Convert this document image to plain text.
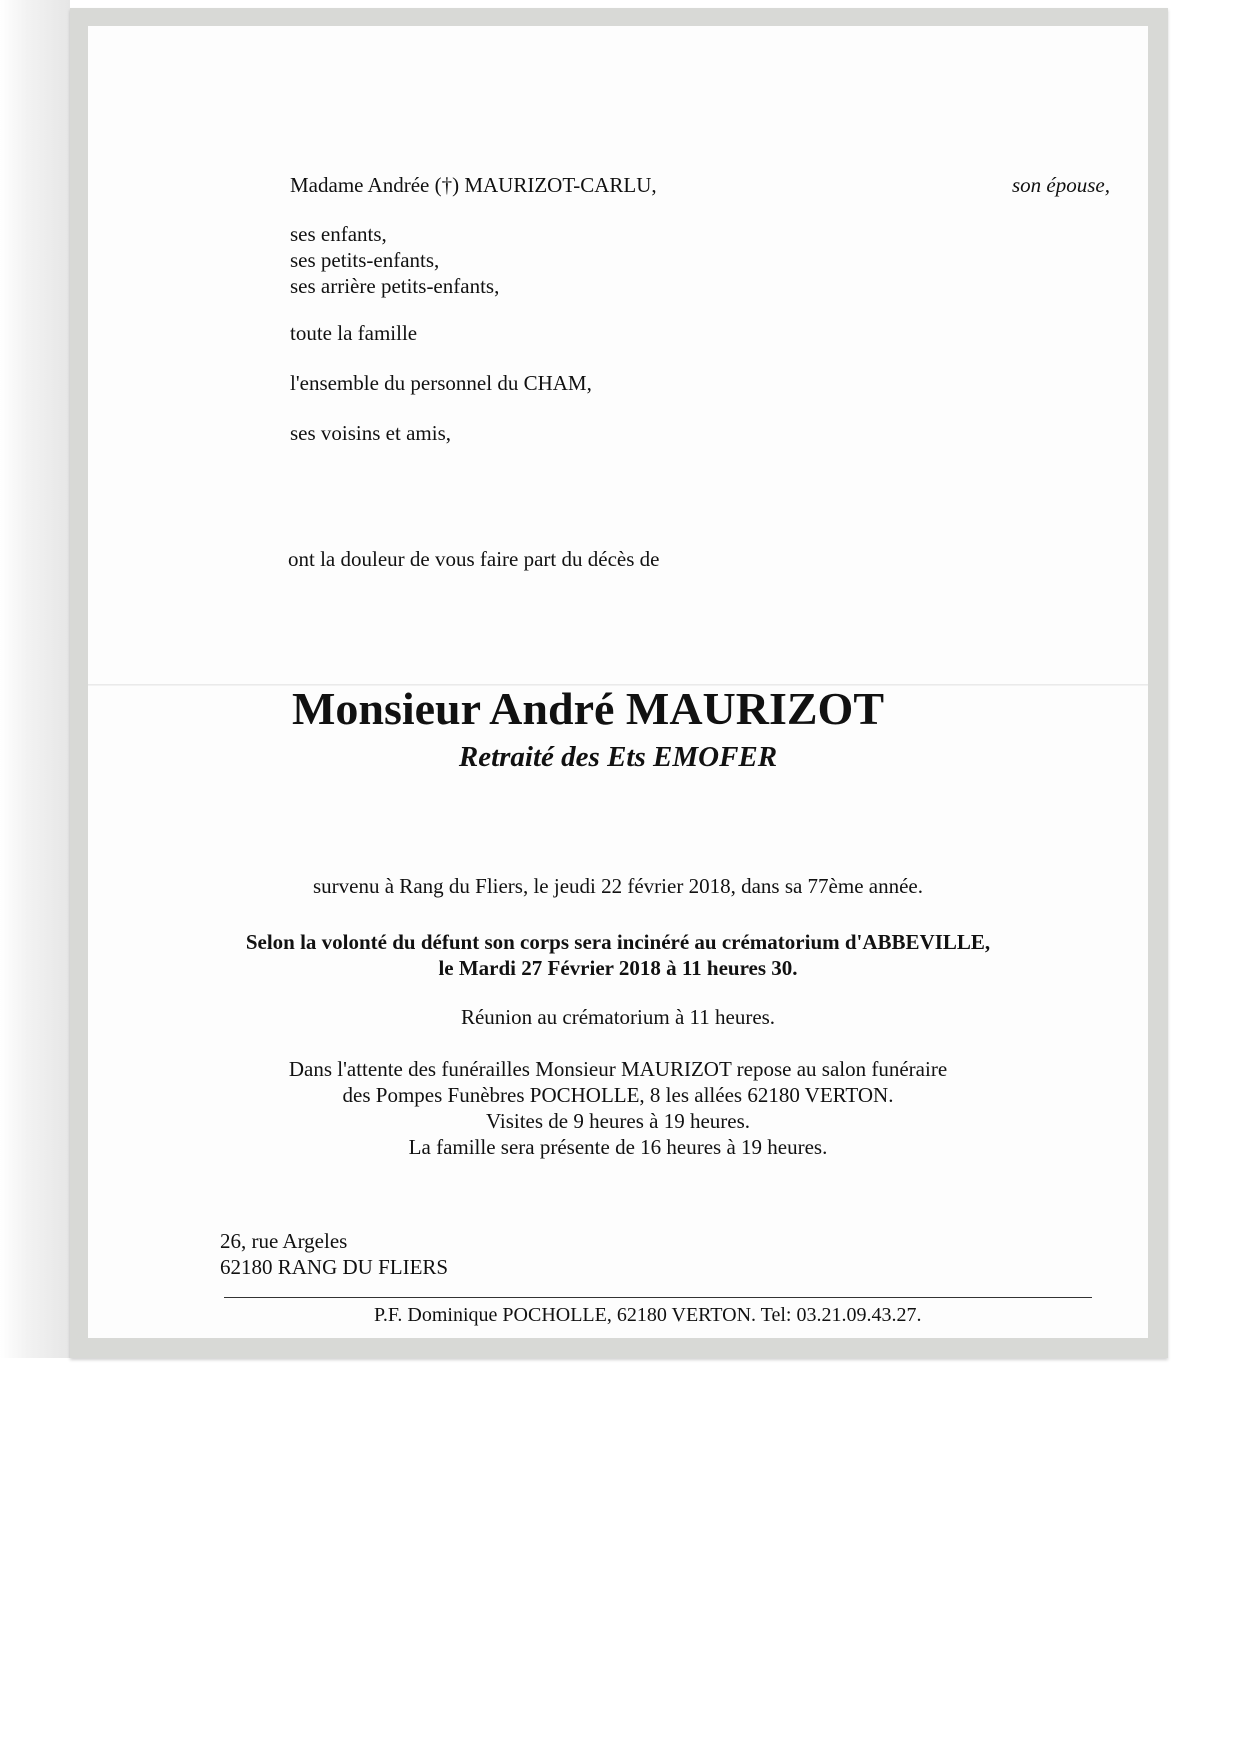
Madame Andrée (†) MAURIZOT-CARLU,
ses enfants,
ses petits-enfants,
ses arrière petits-enfants,
toute la famille
l'ensemble du personnel du CHAM,
ses voisins et amis,
son épouse,
ont la douleur de vous faire part du décès de
Monsieur André MAURIZOT
Retraité des Ets EMOFER
survenu à Rang du Fliers, le jeudi 22 février 2018, dans sa 77ème année.
Selon la volonté du défunt son corps sera incinéré au crématorium d'ABBEVILLE,
le Mardi 27 Février 2018 à 11 heures 30.
Réunion au crématorium à 11 heures.
Dans l'attente des funérailles Monsieur MAURIZOT repose au salon funéraire
des Pompes Funèbres POCHOLLE, 8 les allées 62180 VERTON.
Visites de 9 heures à 19 heures.
La famille sera présente de 16 heures à 19 heures.
26, rue Argeles
62180 RANG DU FLIERS
P.F. Dominique POCHOLLE, 62180 VERTON. Tel: 03.21.09.43.27.
